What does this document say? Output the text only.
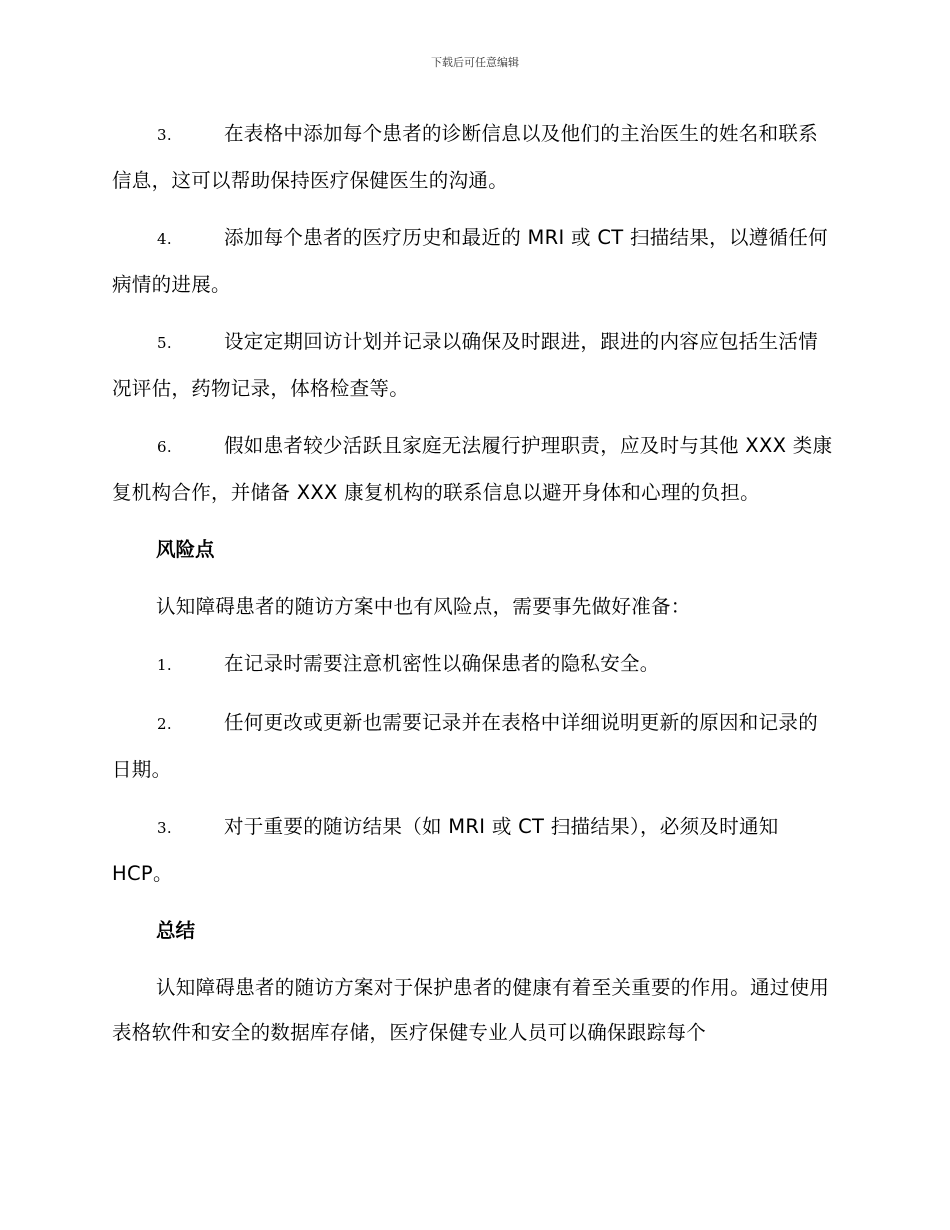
下载后可任意编辑

3.	在表格中添加每个患者的诊断信息以及他们的主治医生的姓名和联系信息，这可以帮助保持医疗保健医生的沟通。

4.	添加每个患者的医疗历史和最近的 MRI 或 CT 扫描结果，以遵循任何病情的进展。

5.	设定定期回访计划并记录以确保及时跟进，跟进的内容应包括生活情况评估，药物记录，体格检查等。

6.	假如患者较少活跃且家庭无法履行护理职责，应及时与其他 XXX 类康复机构合作，并储备 XXX 康复机构的联系信息以避开身体和心理的负担。

风险点

认知障碍患者的随访方案中也有风险点，需要事先做好准备：

1.	在记录时需要注意机密性以确保患者的隐私安全。

2.	任何更改或更新也需要记录并在表格中详细说明更新的原因和记录的日期。

3.	对于重要的随访结果（如 MRI 或 CT 扫描结果），必须及时通知 HCP。

总结

认知障碍患者的随访方案对于保护患者的健康有着至关重要的作用。通过使用表格软件和安全的数据库存储，医疗保健专业人员可以确保跟踪每个
